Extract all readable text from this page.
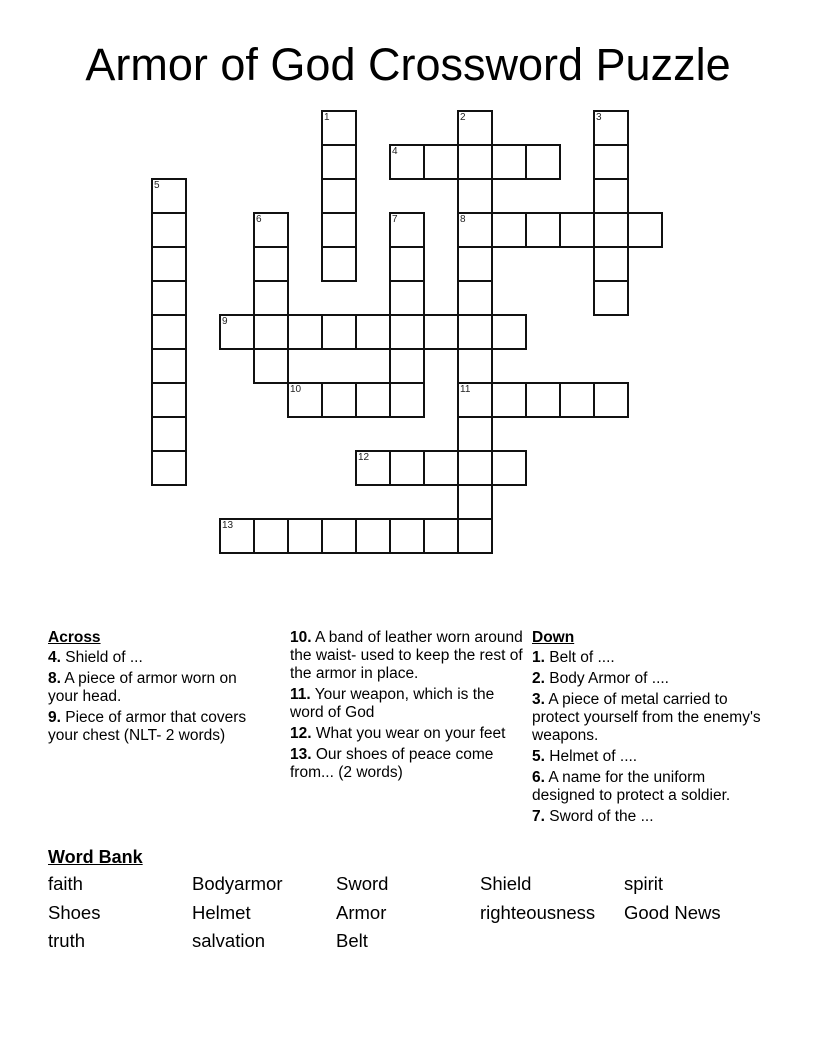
Armor of God Crossword Puzzle
1	2
8
11
3
4
5
6	7
9
10
12
13
Across
4. Shield of ...
8. A piece of armor worn on your head.
9. Piece of armor that covers your chest (NLT- 2 words)
10. A band of leather worn around the waist- used to keep the rest of the armor in place.
11. Your weapon, which is the word of God
12. What you wear on your feet
13. Our shoes of peace come from... (2 words)
Down
1. Belt of ....
2. Body Armor of ....
3. A piece of metal carried to protect yourself from the enemy's weapons.
5. Helmet of ....
6. A name for the uniform designed to protect a soldier.
7. Sword of the ...
Word Bank
faith	Bodyarmor	Sword	Shield	spirit
Shoes	Helmet	Armor	righteousness	Good News
truth	salvation	Belt
